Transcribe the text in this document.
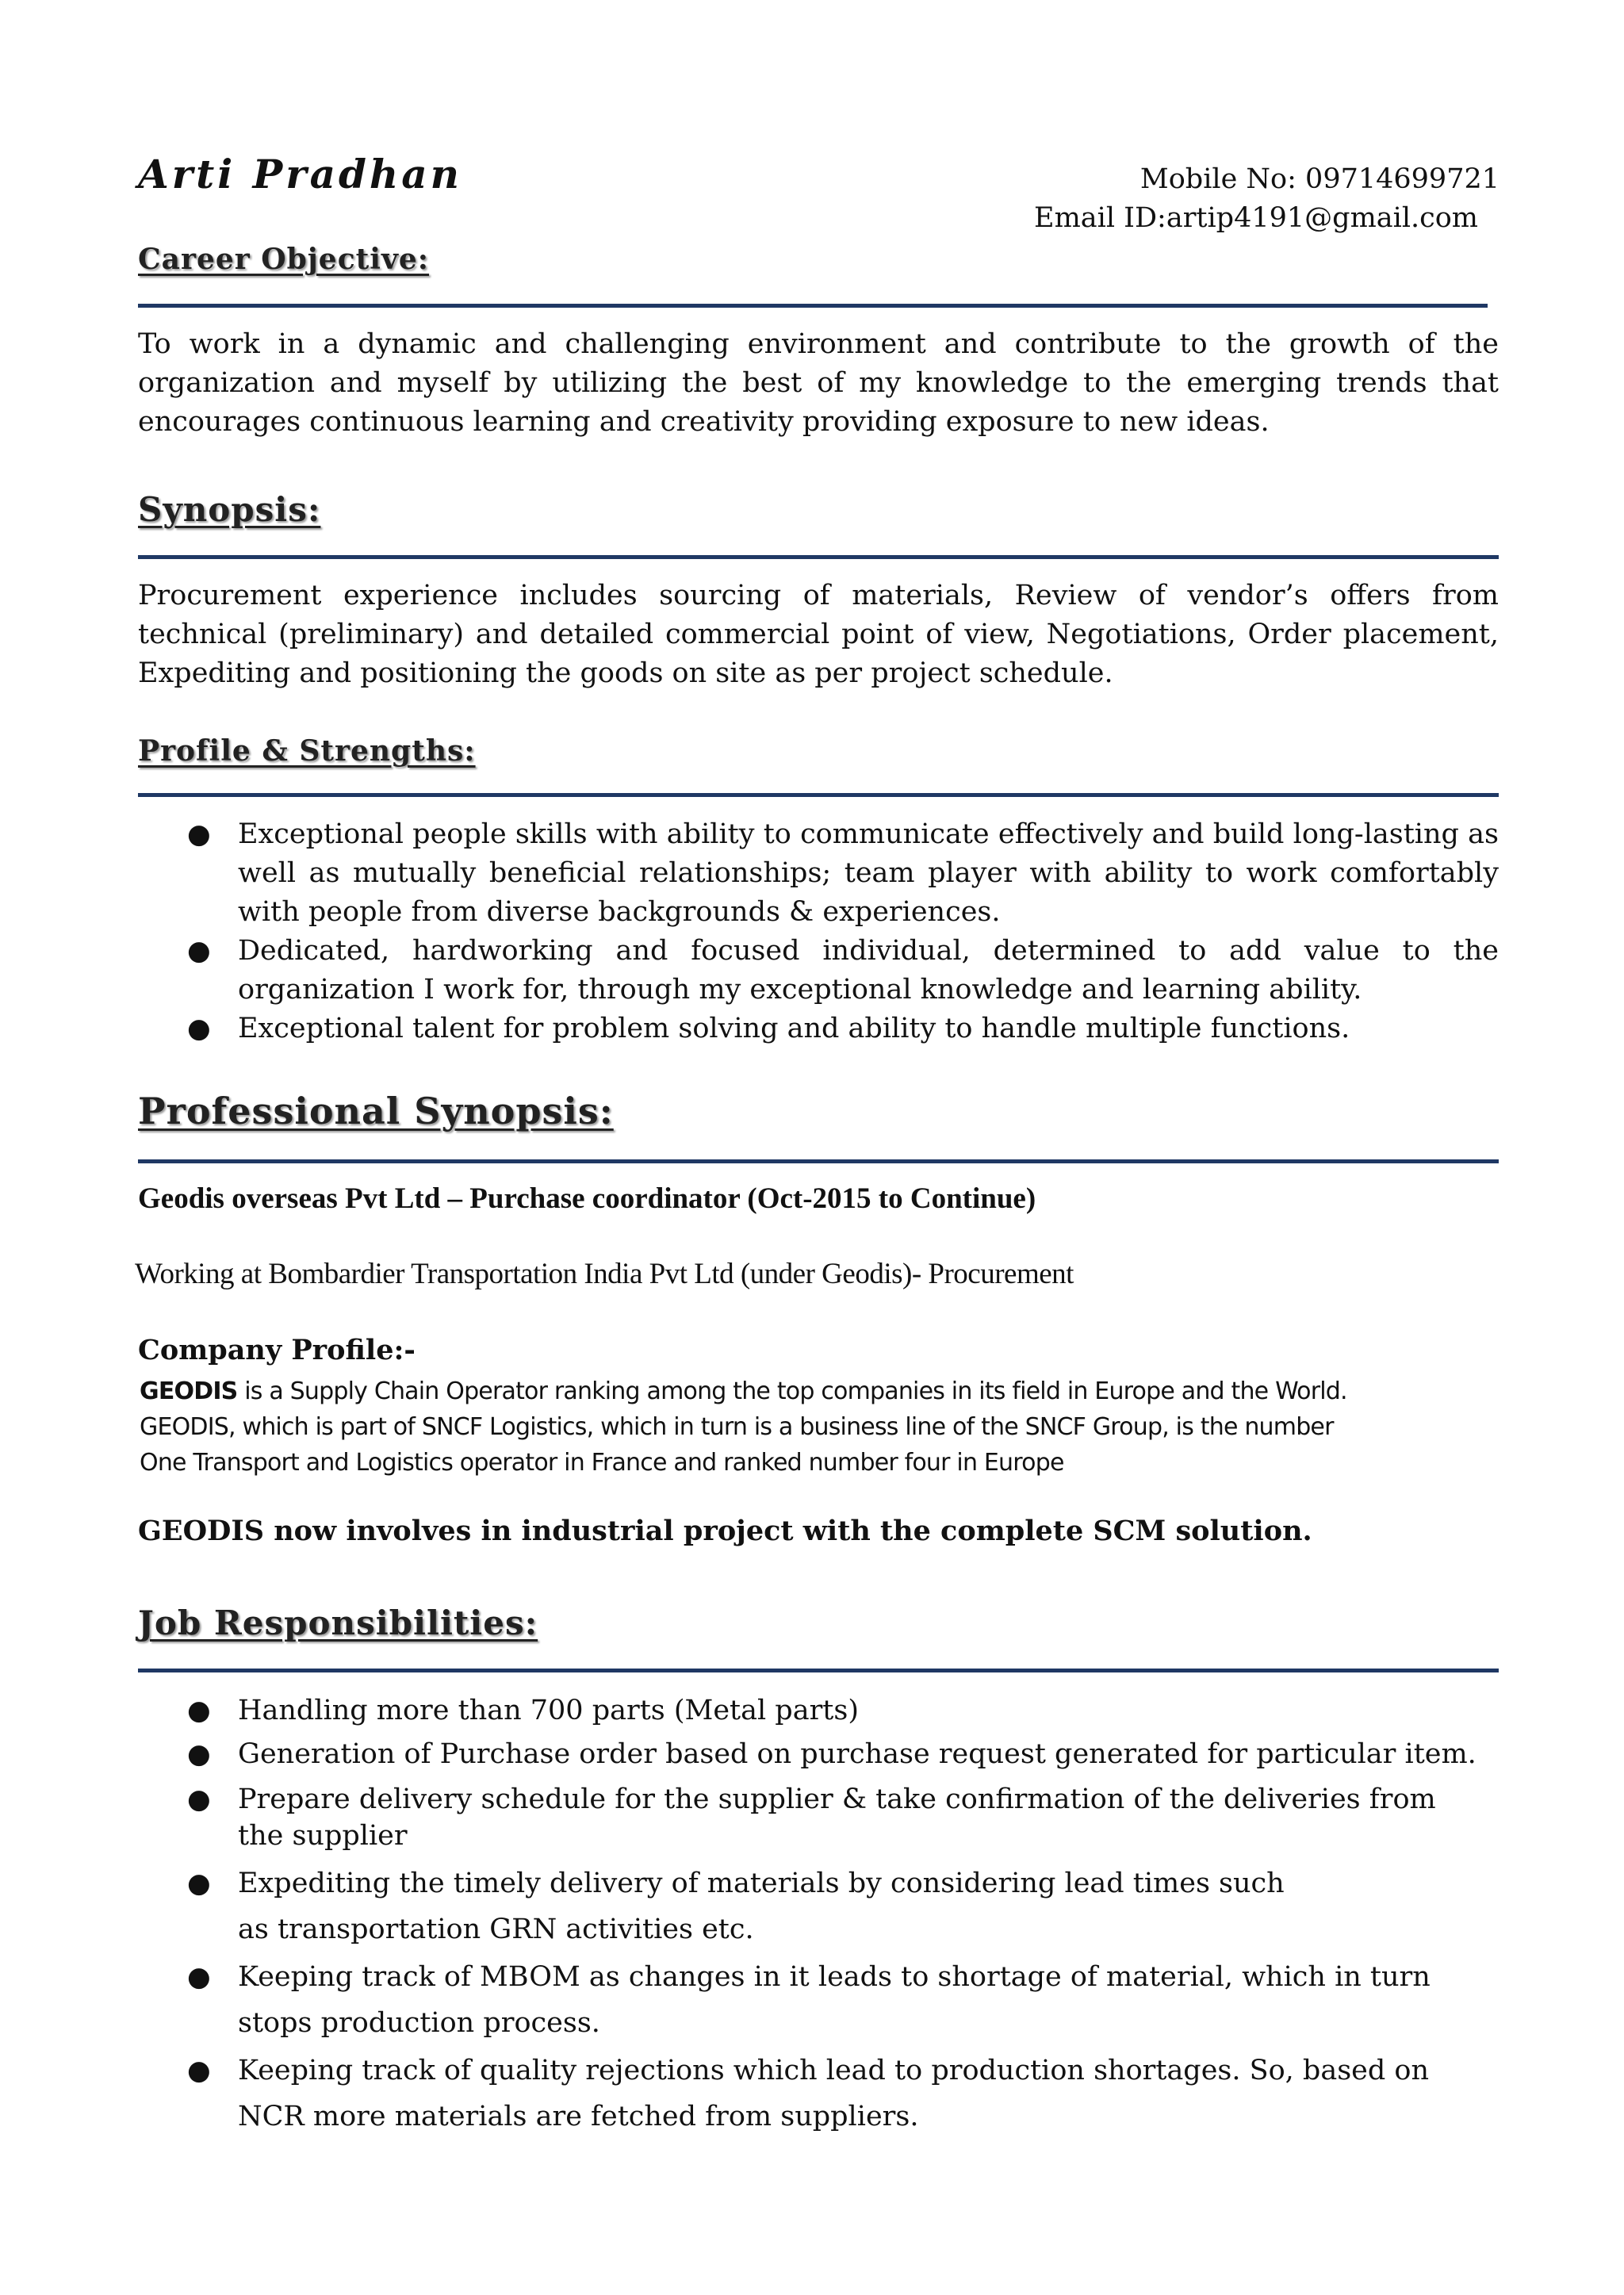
Arti Pradhan	Mobile No: 09714699721
Email ID:artip4191@gmail.com
Career Objective:
To work in a dynamic and challenging environment and contribute to the growth of the organization and myself by utilizing the best of my knowledge to the emerging trends that encourages continuous learning and creativity providing exposure to new ideas.
Synopsis:
Procurement experience includes sourcing of materials, Review of vendor’s offers from technical (preliminary) and detailed commercial point of view, Negotiations, Order placement, Expediting and positioning the goods on site as per project schedule.
Profile & Strengths:
● Exceptional people skills with ability to communicate effectively and build long-lasting as well as mutually beneficial relationships; team player with ability to work comfortably with people from diverse backgrounds & experiences.
● Dedicated, hardworking and focused individual, determined to add value to the organization I work for, through my exceptional knowledge and learning ability.
● Exceptional talent for problem solving and ability to handle multiple functions.
Professional Synopsis:
Geodis overseas Pvt Ltd – Purchase coordinator (Oct-2015 to Continue)
Working at Bombardier Transportation India Pvt Ltd (under Geodis)- Procurement
Company Profile:-
GEODIS is a Supply Chain Operator ranking among the top companies in its field in Europe and the World.
GEODIS, which is part of SNCF Logistics, which in turn is a business line of the SNCF Group, is the number
One Transport and Logistics operator in France and ranked number four in Europe
GEODIS now involves in industrial project with the complete SCM solution.
Job Responsibilities:
● Handling more than 700 parts (Metal parts)
● Generation of Purchase order based on purchase request generated for particular item.
● Prepare delivery schedule for the supplier & take confirmation of the deliveries from the supplier
● Expediting the timely delivery of materials by considering lead times such as transportation GRN activities etc.
● Keeping track of MBOM as changes in it leads to shortage of material, which in turn stops production process.
● Keeping track of quality rejections which lead to production shortages. So, based on NCR more materials are fetched from suppliers.
